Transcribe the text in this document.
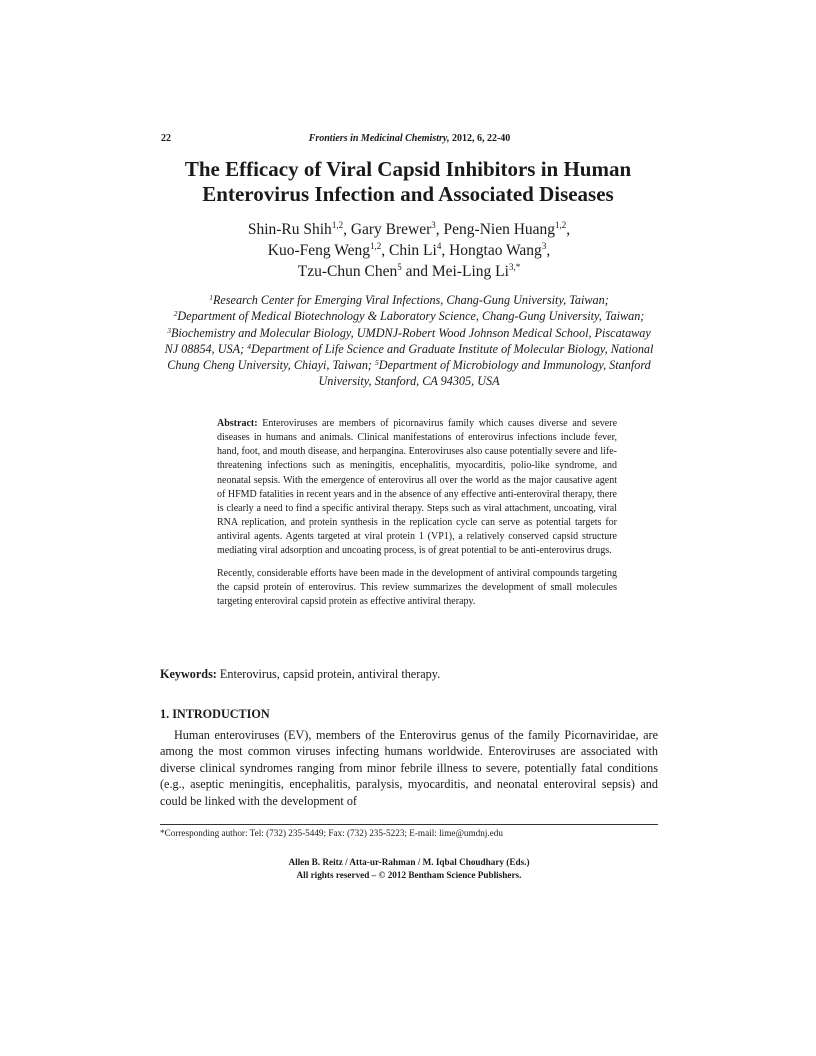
22	Frontiers in Medicinal Chemistry, 2012, 6, 22-40
The Efficacy of Viral Capsid Inhibitors in Human
Enterovirus Infection and Associated Diseases
Shin-Ru Shih$^{1,2}$, Gary Brewer$^3$, Peng-Nien Huang$^{1,2}$,
Kuo-Feng Weng$^{1,2}$, Chin Li$^4$, Hongtao Wang$^3$,
Tzu-Chun Chen$^5$ and Mei-Ling $Li^{3,*}$
$^1$Research Center for Emerging Viral Infections, Chang-Gung University, Taiwan;
$^2$Department of Medical Biotechnology & Laboratory Science, Chang-Gung University, Taiwan; $^3$Biochemistry and Molecular Biology, UMDNJ-Robert Wood Johnson Medical School, Piscataway NJ 08854, USA; $^4$Department of Life Science and Graduate Institute of Molecular Biology, National Chung Cheng University, Chiayi, Taiwan; $^5$Department of Microbiology and Immunology, Stanford University, Stanford, CA 94305, USA

Abstract: Enteroviruses are members of picornavirus family which causes diverse and severe diseases in humans and animals. Clinical manifestations of enterovirus infections include fever, hand, foot, and mouth disease, and herpangina. Enteroviruses also cause potentially severe and life-threatening infections such as meningitis, encephalitis, myocarditis, polio-like syndrome, and neonatal sepsis. With the emergence of enterovirus all over the world as the major causative agent of HFMD fatalities in recent years and in the absence of any effective anti-enteroviral therapy, there is clearly a need to find a specific antiviral therapy. Steps such as viral attachment, uncoating, viral RNA replication, and protein synthesis in the replication cycle can serve as potential targets for antiviral agents. Agents targeted at viral protein 1 (VP1), a relatively conserved capsid structure mediating viral adsorption and uncoating process, is of great potential to be anti-enterovirus drugs.

Recently, considerable efforts have been made in the development of antiviral compounds targeting the capsid protein of enterovirus. This review summarizes the development of small molecules targeting enteroviral capsid protein as effective antiviral therapy.

Keywords: Enterovirus, capsid protein, antiviral therapy.
1. INTRODUCTION

Human enteroviruses (EV), members of the Enterovirus genus of the family Picornaviridae, are among the most common viruses infecting humans worldwide. Enteroviruses are associated with diverse clinical syndromes ranging from minor febrile illness to severe, potentially fatal conditions (e.g., aseptic meningitis, encephalitis, paralysis, myocarditis, and neonatal enteroviral sepsis) and could be linked with the development of

*Corresponding author: Tel: (732) 235-5449; Fax: (732) 235-5223; E-mail: lime@umdnj.edu
Allen B. Reitz / Atta-ur-Rahman / M. Iqbal Choudhary (Eds.)
All rights reserved – © 2012 Bentham Science Publishers.
